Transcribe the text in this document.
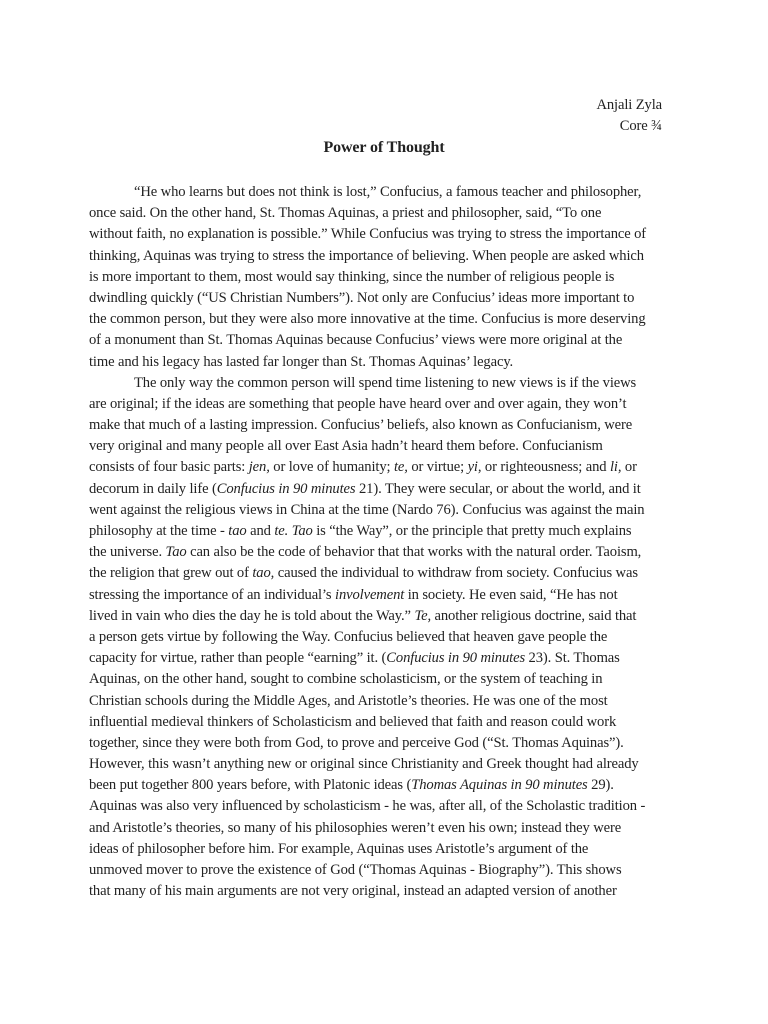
Anjali Zyla
Core ¾
Power of Thought
“He who learns but does not think is lost,” Confucius, a famous teacher and philosopher,
once said. On the other hand, St. Thomas Aquinas, a priest and philosopher, said, “To one
without faith, no explanation is possible.” While Confucius was trying to stress the importance of
thinking, Aquinas was trying to stress the importance of believing. When people are asked which
is more important to them, most would say thinking, since the number of religious people is
dwindling quickly (“US Christian Numbers”). Not only are Confucius’ ideas more important to
the common person, but they were also more innovative at the time. Confucius is more deserving
of a monument than St. Thomas Aquinas because Confucius’ views were more original at the
time and his legacy has lasted far longer than St. Thomas Aquinas’ legacy.
The only way the common person will spend time listening to new views is if the views
are original; if the ideas are something that people have heard over and over again, they won’t
make that much of a lasting impression. Confucius’ beliefs, also known as Confucianism, were
very original and many people all over East Asia hadn’t heard them before. Confucianism
consists of four basic parts: jen, or love of humanity; te, or virtue; yi, or righteousness; and li, or
decorum in daily life (Confucius in 90 minutes 21). They were secular, or about the world, and it
went against the religious views in China at the time (Nardo 76). Confucius was against the main
philosophy at the time - tao and te. Tao is “the Way”, or the principle that pretty much explains
the universe. Tao can also be the code of behavior that that works with the natural order. Taoism,
the religion that grew out of tao, caused the individual to withdraw from society. Confucius was
stressing the importance of an individual’s involvement in society. He even said, “He has not
lived in vain who dies the day he is told about the Way.” Te, another religious doctrine, said that
a person gets virtue by following the Way. Confucius believed that heaven gave people the
capacity for virtue, rather than people “earning” it. (Confucius in 90 minutes 23). St. Thomas
Aquinas, on the other hand, sought to combine scholasticism, or the system of teaching in
Christian schools during the Middle Ages, and Aristotle’s theories. He was one of the most
influential medieval thinkers of Scholasticism and believed that faith and reason could work
together, since they were both from God, to prove and perceive God (“St. Thomas Aquinas”).
However, this wasn’t anything new or original since Christianity and Greek thought had already
been put together 800 years before, with Platonic ideas (Thomas Aquinas in 90 minutes 29).
Aquinas was also very influenced by scholasticism - he was, after all, of the Scholastic tradition -
and Aristotle’s theories, so many of his philosophies weren’t even his own; instead they were
ideas of philosopher before him. For example, Aquinas uses Aristotle’s argument of the
unmoved mover to prove the existence of God (“Thomas Aquinas - Biography”). This shows
that many of his main arguments are not very original, instead an adapted version of another
